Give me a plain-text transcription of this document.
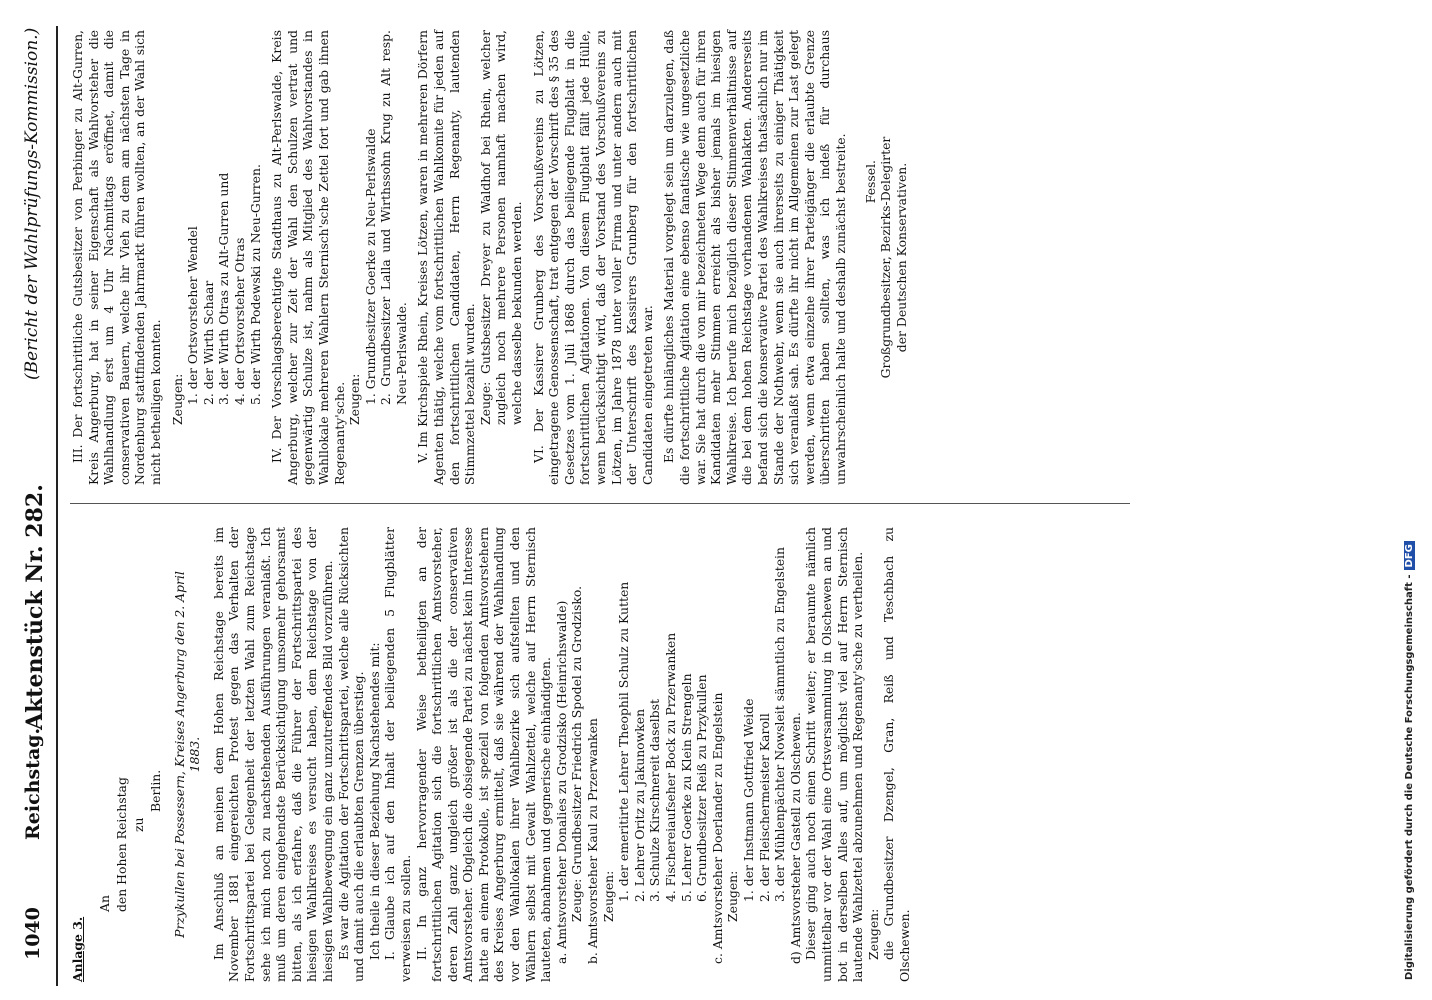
1040
Reichstag.
Aktenstück Nr. 282.
(Bericht der Wahlprüfungs-Kommission.)

Anlage 3.

An den Hohen Reichstag zu

Berlin. Przykullen bei Possessern, Kreises Angerburg den 2. April 1883. Im Anschluß an meinen dem Hohen Reichstage bereits im November 1881 eingereichten Protest gegen das Verhalten der Fortschrittspartei bei Gelegenheit der letzten Wahl zum Reichstage sehe ich mich noch zu nachstehenden Ausführungen veranlaßt. Ich muß um deren eingehendste Berücksichtigung umsomehr gehorsamst bitten, als ich erfahre, daß die Führer der Fortschrittspartei des hiesigen Wahlkreises es versucht haben, dem Reichstage von der hiesigen Wahlbewegung ein ganz unzutreffendes Bild vorzuführen. Es war die Agitation der Fortschrittspartei, welche alle Rücksichten und damit auch die erlaubten Grenzen überstieg. Ich theile in dieser Beziehung Nachstehendes mit: I. Glaube ich auf den Inhalt der beiliegenden 5 Flugblätter verweisen zu sollen. II. In ganz hervorragender Weise betheiligten an der fortschrittlichen Agitation sich die fortschrittlichen Amtsvorsteher, deren Zahl ganz ungleich größer ist als die der conservativen Amtsvorsteher. Obgleich die obsiegende Partei zu nächst kein Interesse hatte an einem Protokolle, ist speziell von folgenden Amtsvorstehern des Kreises Angerburg ermittelt, daß sie während der Wahlhandlung vor den Wahllokalen ihrer Wahlbezirke sich aufstellten und den Wählern selbst mit Gewalt Wahlzettel, welche auf Herrn Sternisch lauteten, abnahmen und gegnerische einhändigten. a. Amtsvorsteher Donalies zu Grodzisko (Heinrichswalde) Zeuge: Grundbesitzer Friedrich Spodel zu Grodzisko. b. Amtsvorsteher Kaul zu Przerwanken Zeugen: 1. der emeritirte Lehrer Theophil Schulz zu Kutten 2. Lehrer Oritz zu Jakunowken 3. Schulze Kirschnereit daselbst 4. Fischereiaufseher Bock zu Przerwanken 5. Lehrer Goerke zu Klein Strengeln 6. Grundbesitzer Reiß zu Przykullen c. Amtsvorsteher Doerlander zu Engelstein Zeugen: 1. der Instmann Gottfried Weide 2. der Fleischermeister Karoll 3. der Mühlenpächter Nowsleit sämmtlich zu Engelstein d) Amtsvorsteher Gastell zu Olschewen. Dieser ging auch noch einen Schritt weiter; er beraumte nämlich unmittelbar vor der Wahl eine Ortsversammlung in Olschewen an und bot in derselben Alles auf, um möglichst viel auf Herrn Sternisch lautende Wahlzettel abzunehmen und Regenanty'sche zu vertheilen. Zeugen: die Grundbesitzer Dzengel, Gran, Reiß und Teschbach zu Olschewen.

III. Der fortschrittliche Gutsbesitzer von Perbinger zu Alt-Gurren, Kreis Angerburg, hat in seiner Eigenschaft als Wahlvorsteher die Wahlhandlung erst um 4 Uhr Nachmittags eröffnet, damit die conservativen Bauern, welche ihr Vieh zu dem am nächsten Tage in Nordenburg stattfindenden Jahrmarkt führen wollten, an der Wahl sich nicht betheiligen konnten. Zeugen: 1. der Ortsvorsteher Wendel 2. der Wirth Schaar 3. der Wirth Otras zu Alt-Gurren und 4. der Ortsvorsteher Otras 5. der Wirth Podewski zu Neu-Gurren. IV. Der Vorschlagsberechtigte Stadthaus zu Alt-Perlswalde, Kreis Angerburg, welcher zur Zeit der Wahl den Schulzen vertrat und gegenwärtig Schulze ist, nahm als Mitglied des Wahlvorstandes in Wahllokale mehreren Wahlern Sternisch'sche Zettel fort und gab ihnen Regenanty'sche. Zeugen: 1. Grundbesitzer Goerke zu Neu-Perlswalde 2. Grundbesitzer Lalla und Wirthssohn Krug zu Alt resp. Neu-Perlswalde. V. Im Kirchspiele Rhein, Kreises Lötzen, waren in mehreren Dörfern Agenten thätig, welche vom fortschrittlichen Wahlkomite für jeden auf den fortschrittlichen Candidaten, Herrn Regenanty, lautenden Stimmzettel bezahlt wurden. Zeuge: Gutsbesitzer Dreyer zu Waldhof bei Rhein, welcher zugleich noch mehrere Personen namhaft machen wird, welche dasselbe bekunden werden. VI. Der Kassirer Grunberg des Vorschußvereins zu Lötzen, eingetragene Genossenschaft, trat entgegen der Vorschrift des § 35 des Gesetzes vom 1. Juli 1868 durch das beiliegende Flugblatt in die fortschrittlichen Agitationen. Von diesem Flugblatt fällt jede Hülle, wenn berücksichtigt wird, daß der Vorstand des Vorschußvereins zu Lötzen, im Jahre 1878 unter voller Firma und unter andern auch mit der Unterschrift des Kassirers Grunberg für den fortschrittlichen Candidaten eingetreten war. Es dürfte hinlängliches Material vorgelegt sein um darzulegen, daß die fortschrittliche Agitation eine ebenso fanatische wie ungesetzliche war. Sie hat durch die von mir bezeichneten Wege denn auch für ihren Kandidaten mehr Stimmen erreicht als bisher jemals im hiesigen Wahlkreise. Ich berufe mich bezüglich dieser Stimmenverhältnisse auf die bei dem hohen Reichstage vorhandenen Wahlakten. Andererseits befand sich die konservative Partei des Wahlkreises thatsächlich nur im Stande der Nothwehr, wenn sie auch ihrerseits zu einiger Thätigkeit sich veranlaßt sah. Es dürfte ihr nicht im Allgemeinen zur Last gelegt werden, wenn etwa einzelne ihrer Parteigänger die erlaubte Grenze überschritten haben sollten, was ich indeß für durchaus unwahrscheinlich halte und deshalb zunächst bestreite. Fessel. Großgrundbesitzer, Bezirks-Delegirter der Deutschen Konservativen.

Digitalisierung gefördert durch die Deutsche Forschungsgemeinschaft -DFG
